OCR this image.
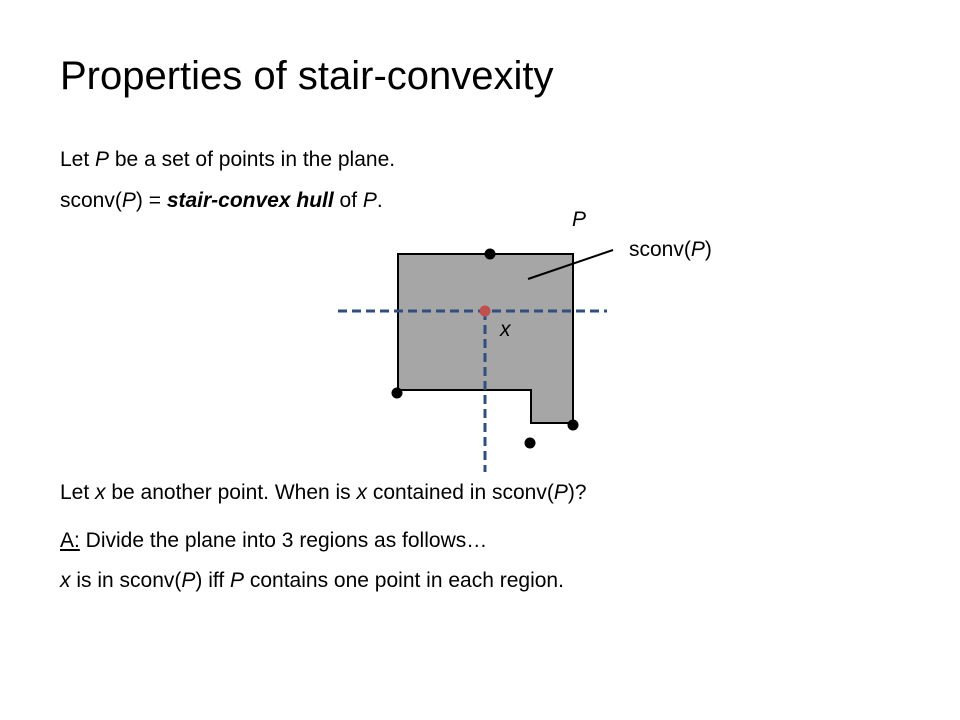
Properties of stair-convexity
Let P be a set of points in the plane.
sconv(P) = stair-convex hull of P.
P
sconv(P)
x
Let x be another point. When is x contained in sconv(P)?
A: Divide the plane into 3 regions as follows…
x is in sconv(P) iff P contains one point in each region.
